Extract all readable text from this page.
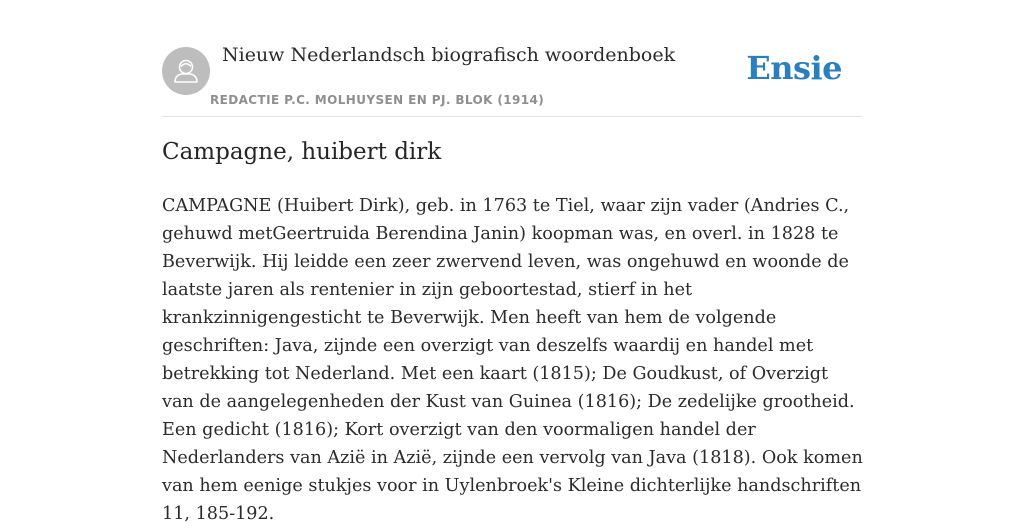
Nieuw Nederlandsch biografisch woordenboek
REDACTIE P.C. MOLHUYSEN EN PJ. BLOK (1914)
Ensie
Campagne, huibert dirk

CAMPAGNE (Huibert Dirk), geb. in 1763 te Tiel, waar zijn vader (Andries C., gehuwd metGeertruida Berendina Janin) koopman was, en overl. in 1828 te Beverwijk. Hij leidde een zeer zwervend leven, was ongehuwd en woonde de laatste jaren als rentenier in zijn geboortestad, stierf in het krankzinnigengesticht te Beverwijk. Men heeft van hem de volgende geschriften: Java, zijnde een overzigt van deszelfs waardij en handel met betrekking tot Nederland. Met een kaart (1815); De Goudkust, of Overzigt van de aangelegenheden der Kust van Guinea (1816); De zedelijke grootheid. Een gedicht (1816); Kort overzigt van den voormaligen handel der Nederlanders van Azië in Azië, zijnde een vervolg van Java (1818). Ook komen van hem eenige stukjes voor in Uylenbroek's Kleine dichterlijke handschriften 11, 185-192.
